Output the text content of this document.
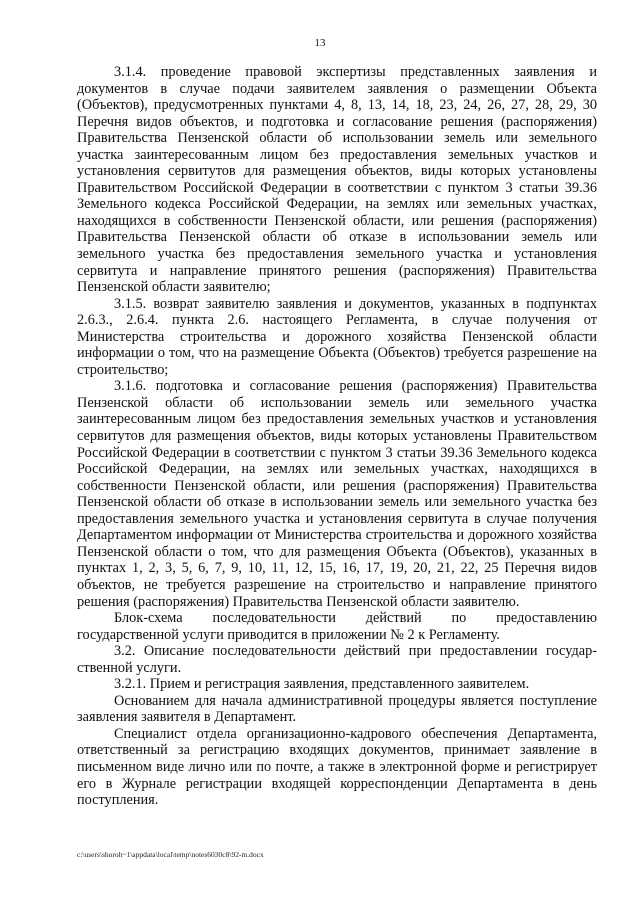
13

3.1.4. проведение правовой экспертизы представленных заявления и документов в случае подачи заявителем заявления о размещении Объекта (Объектов), предусмотренных пунктами 4, 8, 13, 14, 18, 23, 24, 26, 27, 28, 29, 30 Перечня видов объектов, и подготовка и согласование решения (распоряжения) Правительства Пензенской области об использовании земель или земельного участка заинтересованным лицом без предоставления земельных участков и установления сервитутов для размещения объектов, виды которых установлены Правительством Российской Федерации в соответствии с пунктом 3 статьи 39.36 Земельного кодекса Российской Федерации, на землях или земельных участках, находящихся в собственности Пензенской области, или решения (распоряжения) Правительства Пензенской области об отказе в использовании земель или земельного участка без предоставления земельного участка и установления сервитута и направление принятого решения (распоряжения) Правительства Пензенской области заявителю;

3.1.5. возврат заявителю заявления и документов, указанных в подпунктах 2.6.3., 2.6.4. пункта 2.6. настоящего Регламента, в случае получения от Министерства строительства и дорожного хозяйства Пензенской области информации о том, что на размещение Объекта (Объектов) требуется разрешение на строительство;

3.1.6. подготовка и согласование решения (распоряжения) Правительства Пензенской области об использовании земель или земельного участка заинтересованным лицом без предоставления земельных участков и установления сервитутов для размещения объектов, виды которых установлены Правительством Российской Федерации в соответствии с пунктом 3 статьи 39.36 Земельного кодекса Российской Федерации, на землях или земельных участках, находящихся в собственности Пензенской области, или решения (распоряжения) Правительства Пензенской области об отказе в использовании земель или земельного участка без предоставления земельного участка и установления сервитута в случае получения Департаментом информации от Министерства строительства и дорожного хозяйства Пензенской области о том, что для размещения Объекта (Объектов), указанных в пунктах 1, 2, 3, 5, 6, 7, 9, 10, 11, 12, 15, 16, 17, 19, 20, 21, 22, 25 Перечня видов объектов, не требуется разрешение на строительство и направление принятого решения (распоряжения) Правительства Пензенской области заявителю.

Блок-схема последовательности действий по предоставлению государственной услуги приводится в приложении № 2 к Регламенту.

3.2. Описание последовательности действий при предоставлении государственной услуги.

3.2.1. Прием и регистрация заявления, представленного заявителем.

Основанием для начала административной процедуры является поступление заявления заявителя в Департамент.

Специалист отдела организационно-кадрового обеспечения Департамента, ответственный за регистрацию входящих документов, принимает заявление в письменном виде лично или по почте, а также в электронной форме и регистрирует его в Журнале регистрации входящей корреспонденции Департамента в день поступления.

c:\users\shoroh~1\appdata\local\temp\notes6030c8\92-m.docx
